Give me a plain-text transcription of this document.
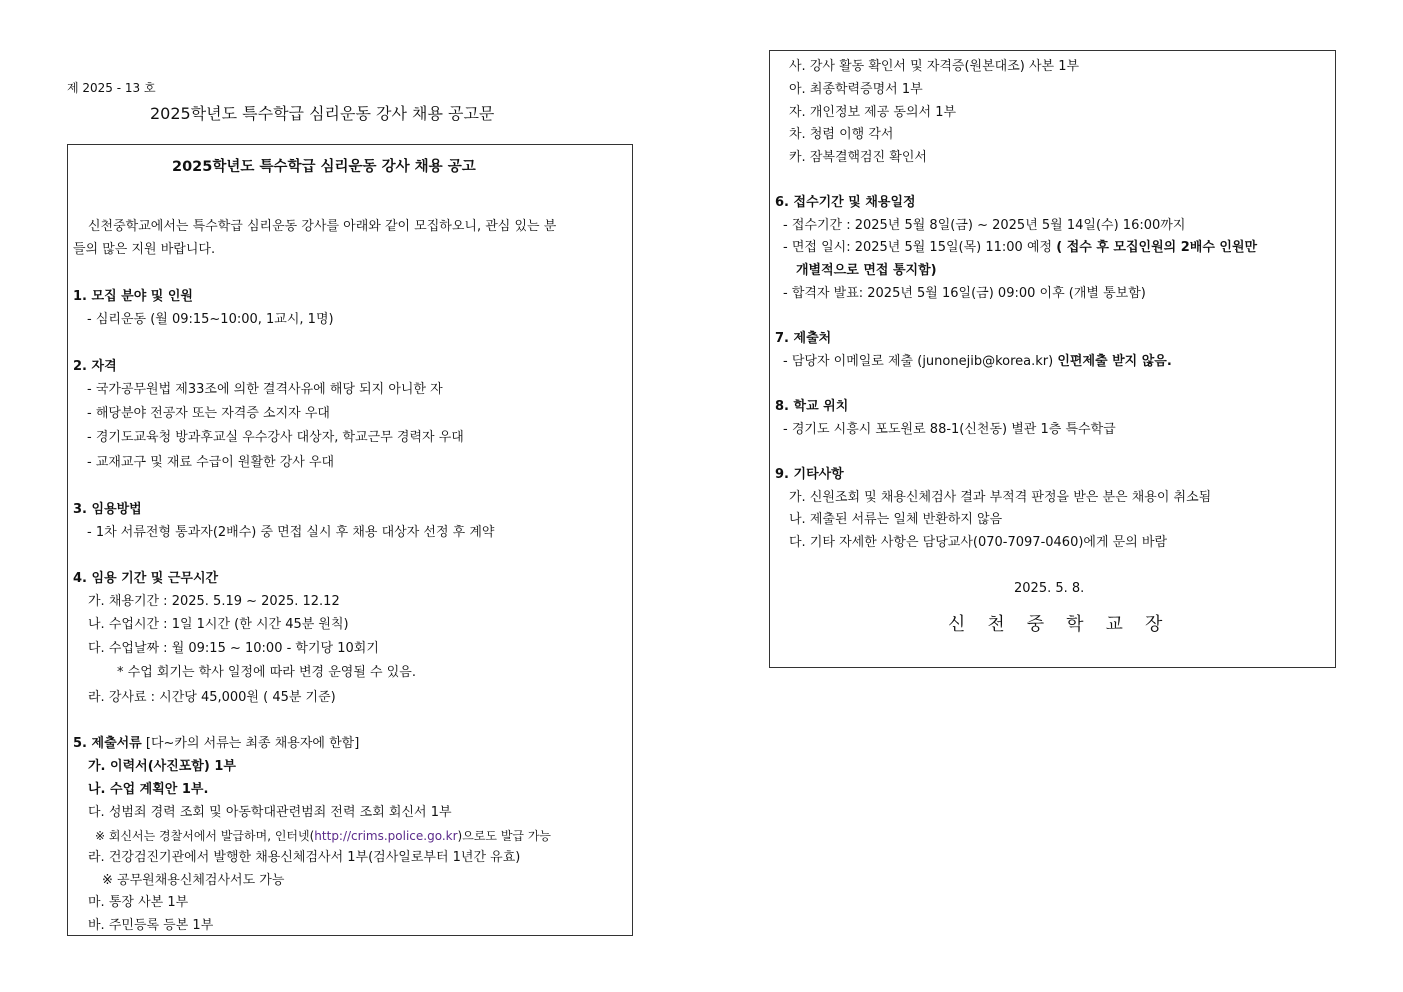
제 2025 - 13 호
2025학년도 특수학급 심리운동 강사 채용 공고문
2025학년도 특수학급 심리운동 강사 채용 공고
신천중학교에서는 특수학급 심리운동 강사를 아래와 같이 모집하오니, 관심 있는 분
들의 많은 지원 바랍니다.
1. 모집 분야 및 인원
- 심리운동 (월 09:15~10:00, 1교시, 1명)
2. 자격
- 국가공무원법 제33조에 의한 결격사유에 해당 되지 아니한 자
- 해당분야 전공자 또는 자격증 소지자 우대
- 경기도교육청 방과후교실 우수강사 대상자, 학교근무 경력자 우대
- 교재교구 및 재료 수급이 원활한 강사 우대
3. 임용방법
- 1차 서류전형 통과자(2배수) 중 면접 실시 후 채용 대상자 선정 후 계약
4. 임용 기간 및 근무시간
가. 채용기간 : 2025. 5.19 ~ 2025. 12.12
나. 수업시간 : 1일 1시간 (한 시간 45분 원칙)
다. 수업날짜 : 월 09:15 ~ 10:00 - 학기당 10회기
* 수업 회기는 학사 일정에 따라 변경 운영될 수 있음.
라. 강사료 : 시간당 45,000원 ( 45분 기준)
5. 제출서류 [다~카의 서류는 최종 채용자에 한함]
가. 이력서(사진포함) 1부
나. 수업 계획안 1부.
다. 성범죄 경력 조회 및 아동학대관련범죄 전력 조회 회신서 1부
※ 회신서는 경찰서에서 발급하며, 인터넷(http://crims.police.go.kr)으로도 발급 가능
라. 건강검진기관에서 발행한 채용신체검사서 1부(검사일로부터 1년간 유효)
※ 공무원채용신체검사서도 가능
마. 통장 사본 1부
바. 주민등록 등본 1부
사. 강사 활동 확인서 및 자격증(원본대조) 사본 1부
아. 최종학력증명서 1부
자. 개인정보 제공 동의서 1부
차. 청렴 이행 각서
카. 잠복결핵검진 확인서
6. 접수기간 및 채용일정
- 접수기간 : 2025년 5월 8일(금) ~ 2025년 5월 14일(수) 16:00까지
- 면접 일시: 2025년 5월 15일(목) 11:00 예정 ( 접수 후 모집인원의 2배수 인원만
개별적으로 면접 통지함)
- 합격자 발표: 2025년 5월 16일(금) 09:00 이후 (개별 통보함)
7. 제출처
- 담당자 이메일로 제출 (junonejib@korea.kr) 인편제출 받지 않음.
8. 학교 위치
- 경기도 시흥시 포도원로 88-1(신천동) 별관 1층 특수학급
9. 기타사항
가. 신원조회 및 채용신체검사 결과 부적격 판정을 받은 분은 채용이 취소됨
나. 제출된 서류는 일체 반환하지 않음
다. 기타 자세한 사항은 담당교사(070-7097-0460)에게 문의 바람
2025. 5. 8.
신천중학교장
